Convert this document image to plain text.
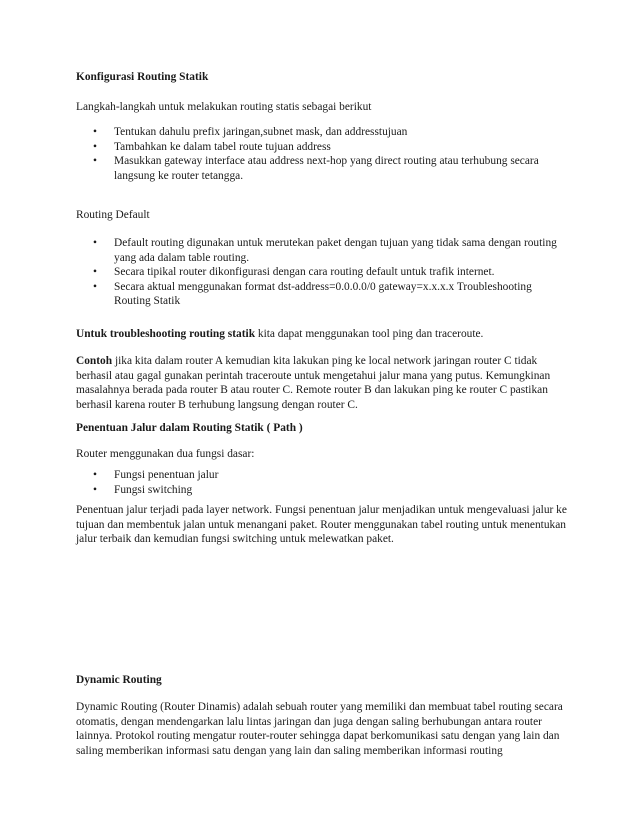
Konfigurasi Routing Statik

Langkah-langkah untuk melakukan routing statis sebagai berikut

• Tentukan dahulu prefix jaringan,subnet mask, dan addresstujuan
• Tambahkan ke dalam tabel route tujuan address
• Masukkan gateway interface atau address next-hop yang direct routing atau terhubung secara langsung ke router tetangga.

Routing Default

• Default routing digunakan untuk merutekan paket dengan tujuan yang tidak sama dengan routing yang ada dalam table routing.
• Secara tipikal router dikonfigurasi dengan cara routing default untuk trafik internet.
• Secara aktual menggunakan format dst-address=0.0.0.0/0 gateway=x.x.x.x Troubleshooting Routing Statik

Untuk troubleshooting routing statik kita dapat menggunakan tool ping dan traceroute.

Contoh jika kita dalam router A kemudian kita lakukan ping ke local network jaringan router C tidak berhasil atau gagal gunakan perintah traceroute untuk mengetahui jalur mana yang putus. Kemungkinan masalahnya berada pada router B atau router C. Remote router B dan lakukan ping ke router C pastikan berhasil karena router B terhubung langsung dengan router C.

Penentuan Jalur dalam Routing Statik ( Path )

Router menggunakan dua fungsi dasar:

• Fungsi penentuan jalur
• Fungsi switching

Penentuan jalur terjadi pada layer network. Fungsi penentuan jalur menjadikan untuk mengevaluasi jalur ke tujuan dan membentuk jalan untuk menangani paket. Router menggunakan tabel routing untuk menentukan jalur terbaik dan kemudian fungsi switching untuk melewatkan paket.

Dynamic Routing

Dynamic Routing (Router Dinamis) adalah sebuah router yang memiliki dan membuat tabel routing secara otomatis, dengan mendengarkan lalu lintas jaringan dan juga dengan saling berhubungan antara router lainnya. Protokol routing mengatur router-router sehingga dapat berkomunikasi satu dengan yang lain dan saling memberikan informasi satu dengan yang lain dan saling memberikan informasi routing
